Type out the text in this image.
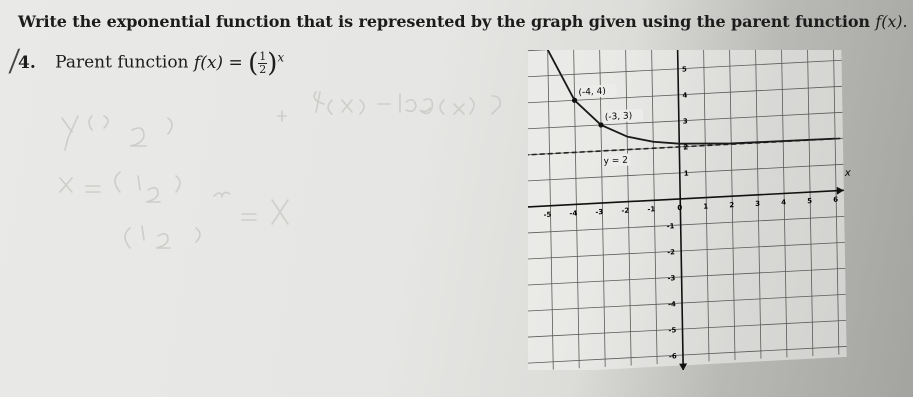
Write the exponential function that is represented by the graph given using the parent function f(x).
⁄
4. Parent function f(x) = ( $\frac{1}{2} )^x$
x
-5	-4	-3	-2	-1	0	1	2	3	4	5	6
-6
-5
-4
-3
-2
-1
1
2
3
4
5
(-4, 4)
(-3, 3)
y = 2
